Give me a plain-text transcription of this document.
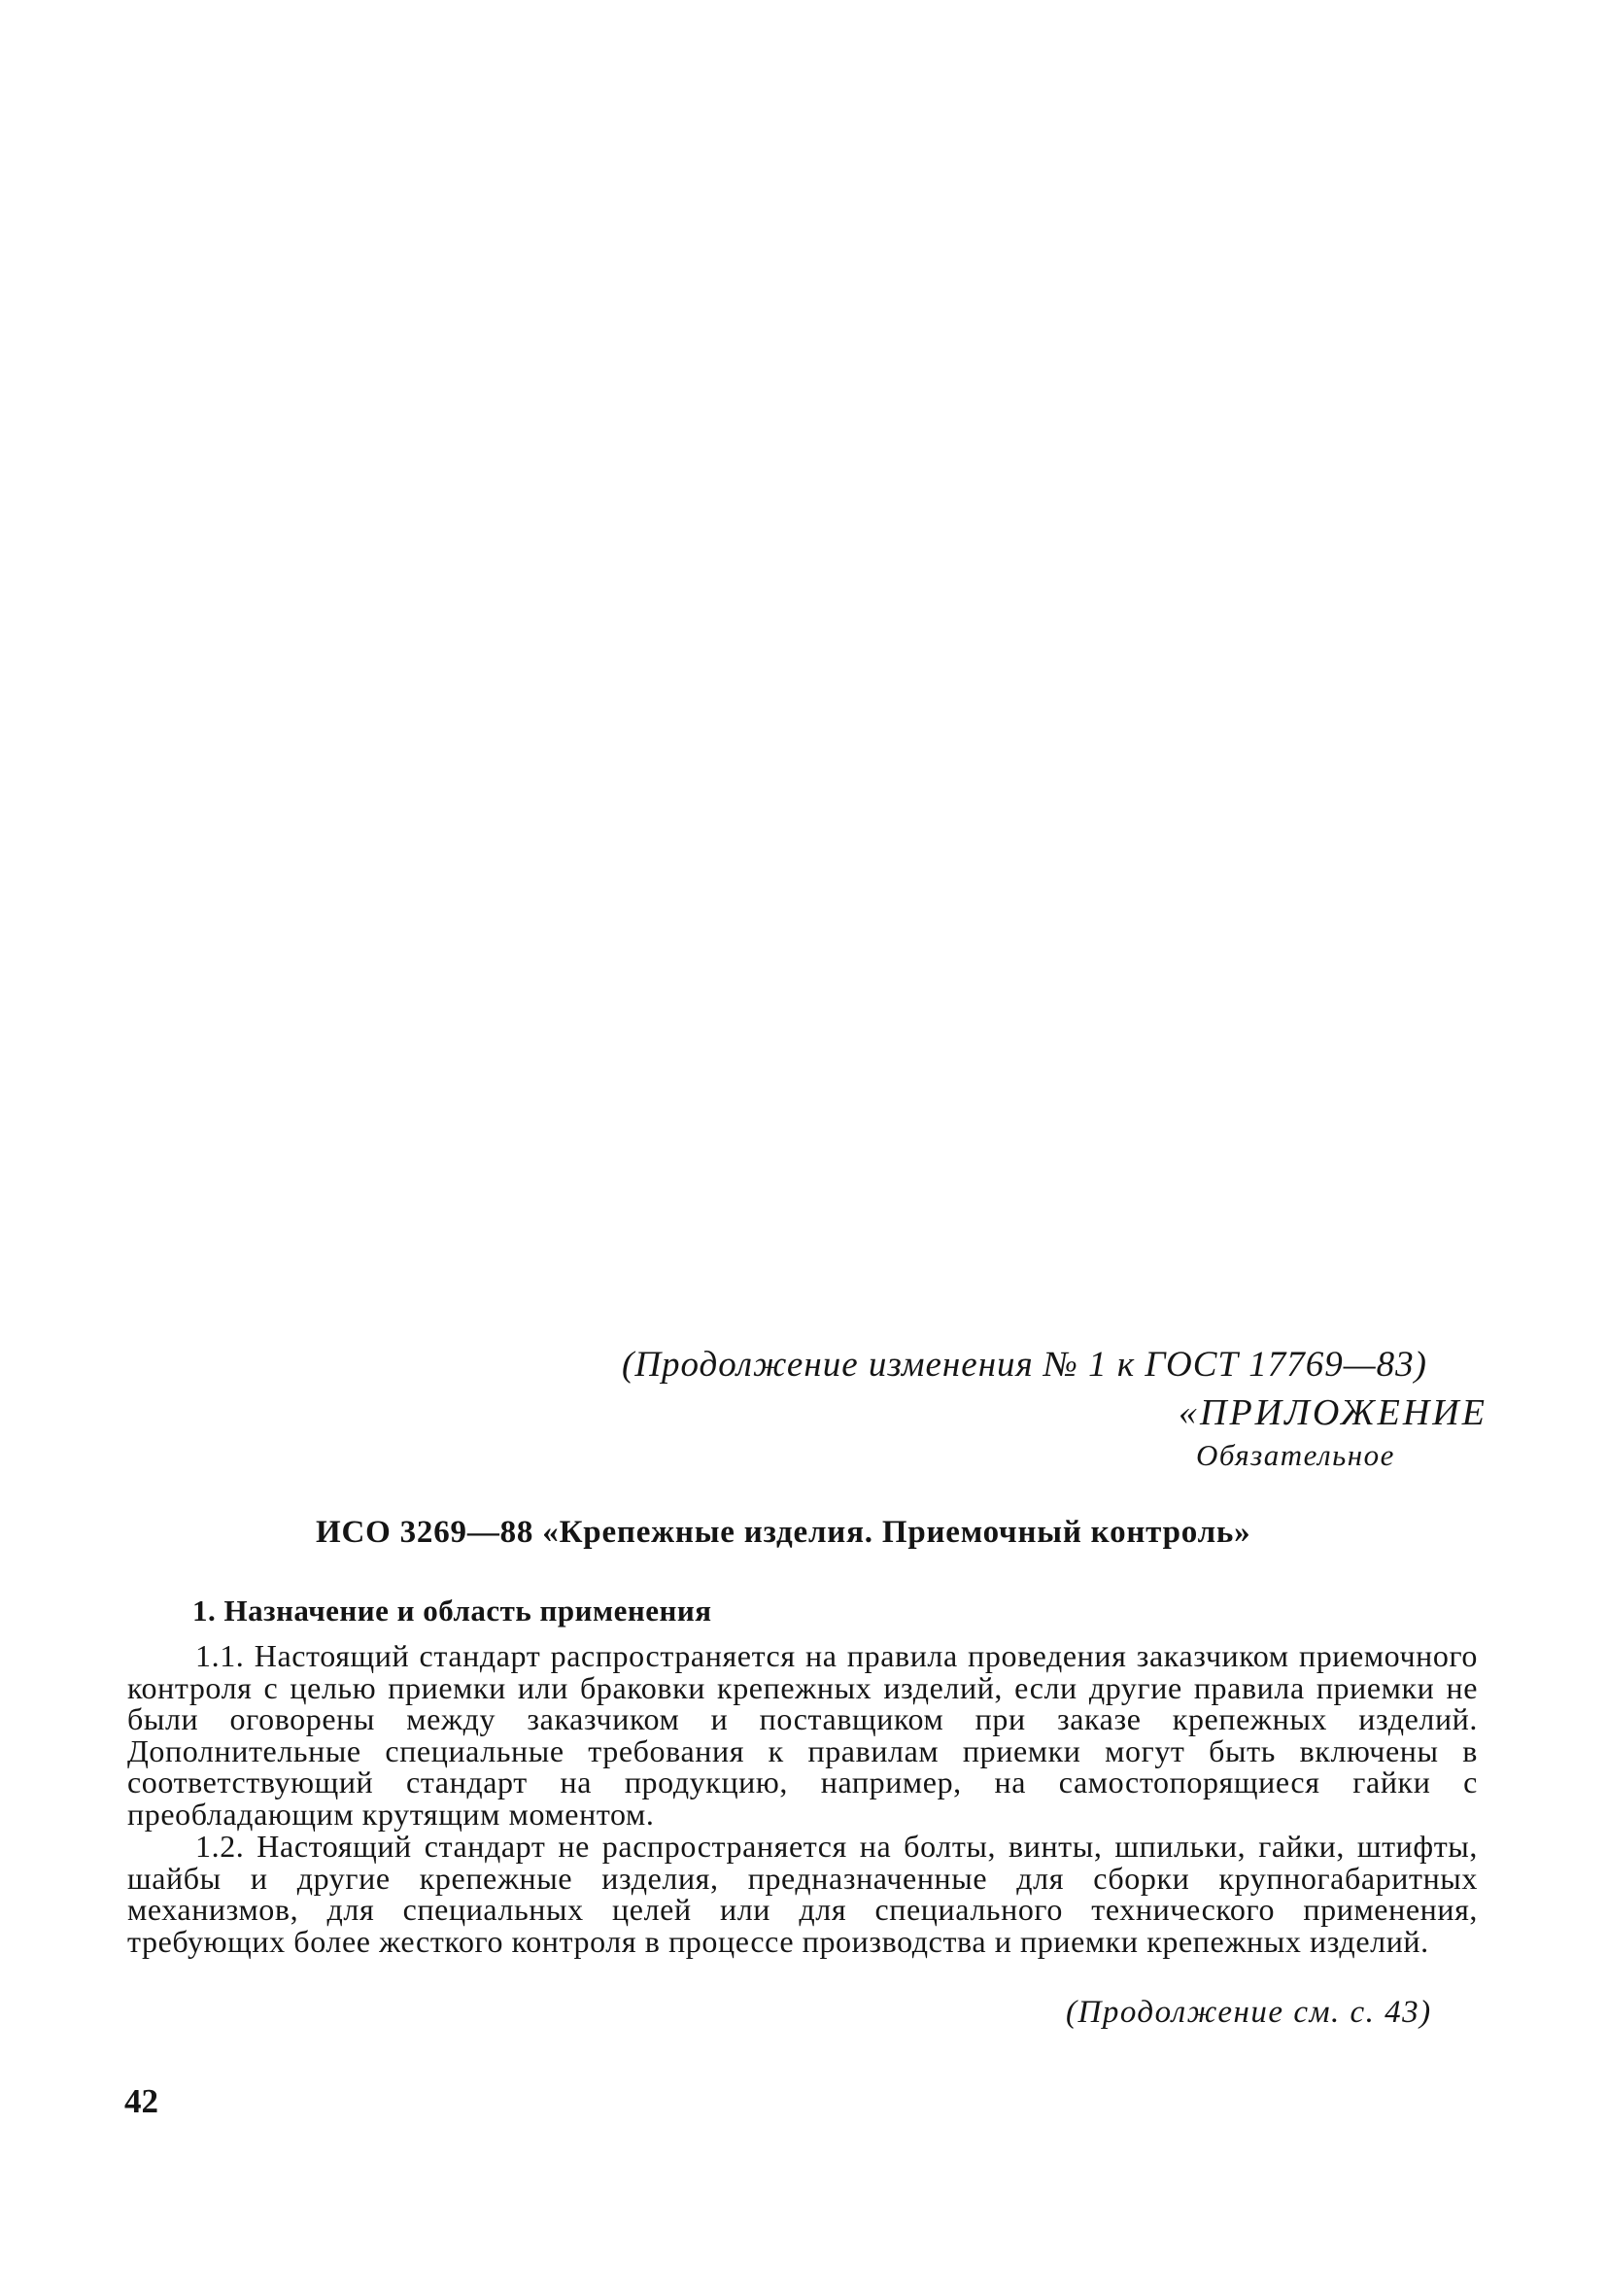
(Продолжение изменения № 1 к ГОСТ 17769—83)
«ПРИЛОЖЕНИЕ
Обязательное
ИСО 3269—88 «Крепежные изделия. Приемочный контроль»
1. Назначение и область применения

1.1. Настоящий стандарт распространяется на правила проведения заказчиком приемочного контроля с целью приемки или браковки крепежных изделий, если другие правила приемки не были оговорены между заказчиком и поставщиком при заказе крепежных изделий. Дополнительные специальные требования к правилам приемки могут быть включены в соответствующий стандарт на продукцию, например, на самостопорящиеся гайки с преобладающим крутящим моментом.

1.2. Настоящий стандарт не распространяется на болты, винты, шпильки, гайки, штифты, шайбы и другие крепежные изделия, предназначенные для сборки крупногабаритных механизмов, для специальных целей или для специального технического применения, требующих более жесткого контроля в процессе производства и приемки крепежных изделий.

(Продолжение см. с. 43)
42
